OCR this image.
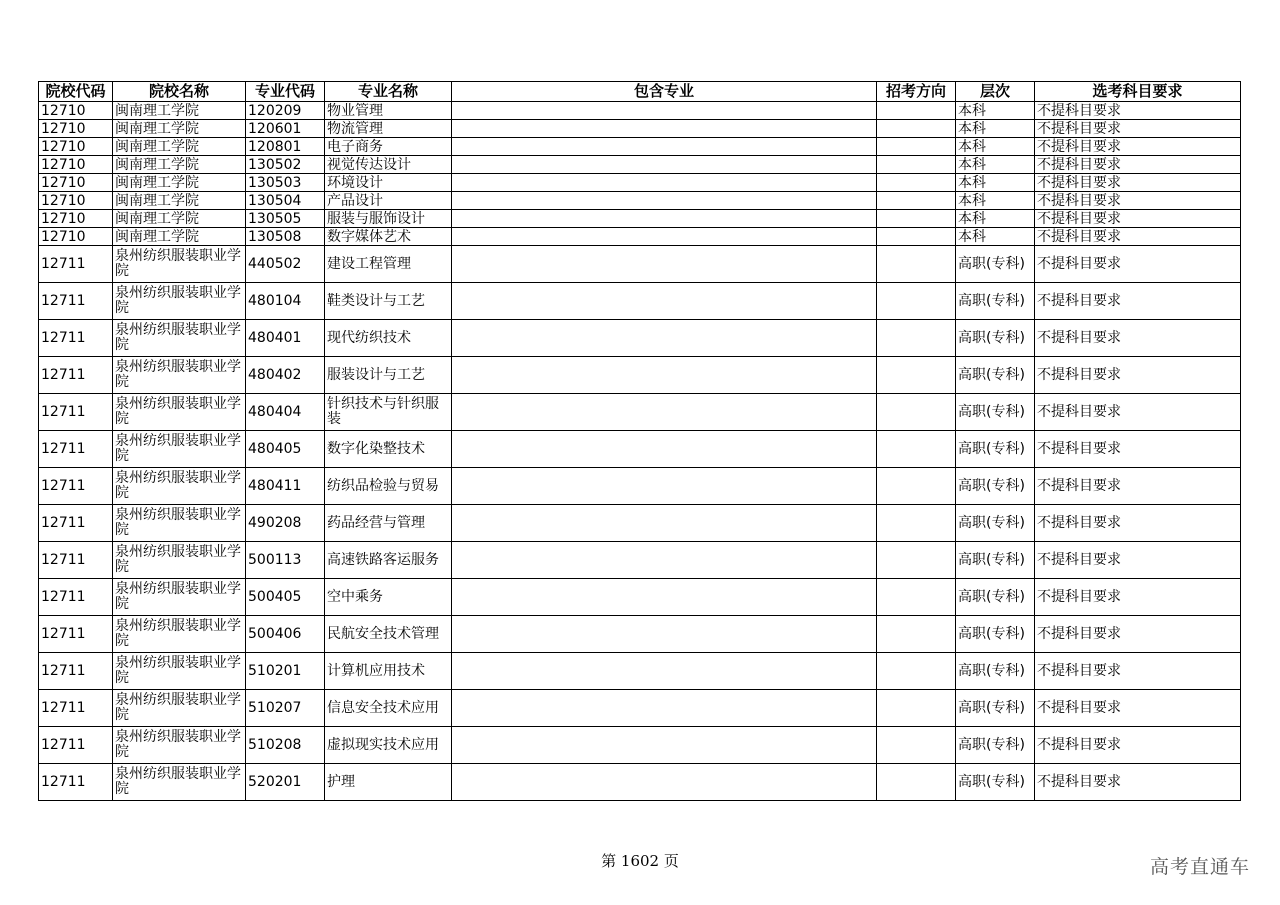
院校代码	院校名称	专业代码	专业名称	包含专业	招考方向	层次	选考科目要求
12710	闽南理工学院	120209	物业管理			本科	不提科目要求
12710	闽南理工学院	120601	物流管理			本科	不提科目要求
12710	闽南理工学院	120801	电子商务			本科	不提科目要求
12710	闽南理工学院	130502	视觉传达设计			本科	不提科目要求
12710	闽南理工学院	130503	环境设计			本科	不提科目要求
12710	闽南理工学院	130504	产品设计			本科	不提科目要求
12710	闽南理工学院	130505	服装与服饰设计			本科	不提科目要求
12710	闽南理工学院	130508	数字媒体艺术			本科	不提科目要求
12711	泉州纺织服装职业学院	440502	建设工程管理			高职(专科)	不提科目要求
12711	泉州纺织服装职业学院	480104	鞋类设计与工艺			高职(专科)	不提科目要求
12711	泉州纺织服装职业学院	480401	现代纺织技术			高职(专科)	不提科目要求
12711	泉州纺织服装职业学院	480402	服装设计与工艺			高职(专科)	不提科目要求
12711	泉州纺织服装职业学院	480404	针织技术与针织服装			高职(专科)	不提科目要求
12711	泉州纺织服装职业学院	480405	数字化染整技术			高职(专科)	不提科目要求
12711	泉州纺织服装职业学院	480411	纺织品检验与贸易			高职(专科)	不提科目要求
12711	泉州纺织服装职业学院	490208	药品经营与管理			高职(专科)	不提科目要求
12711	泉州纺织服装职业学院	500113	高速铁路客运服务			高职(专科)	不提科目要求
12711	泉州纺织服装职业学院	500405	空中乘务			高职(专科)	不提科目要求
12711	泉州纺织服装职业学院	500406	民航安全技术管理			高职(专科)	不提科目要求
12711	泉州纺织服装职业学院	510201	计算机应用技术			高职(专科)	不提科目要求
12711	泉州纺织服装职业学院	510207	信息安全技术应用			高职(专科)	不提科目要求
12711	泉州纺织服装职业学院	510208	虚拟现实技术应用			高职(专科)	不提科目要求
12711	泉州纺织服装职业学院	520201	护理			高职(专科)	不提科目要求
第 1602 页	高考直通车
